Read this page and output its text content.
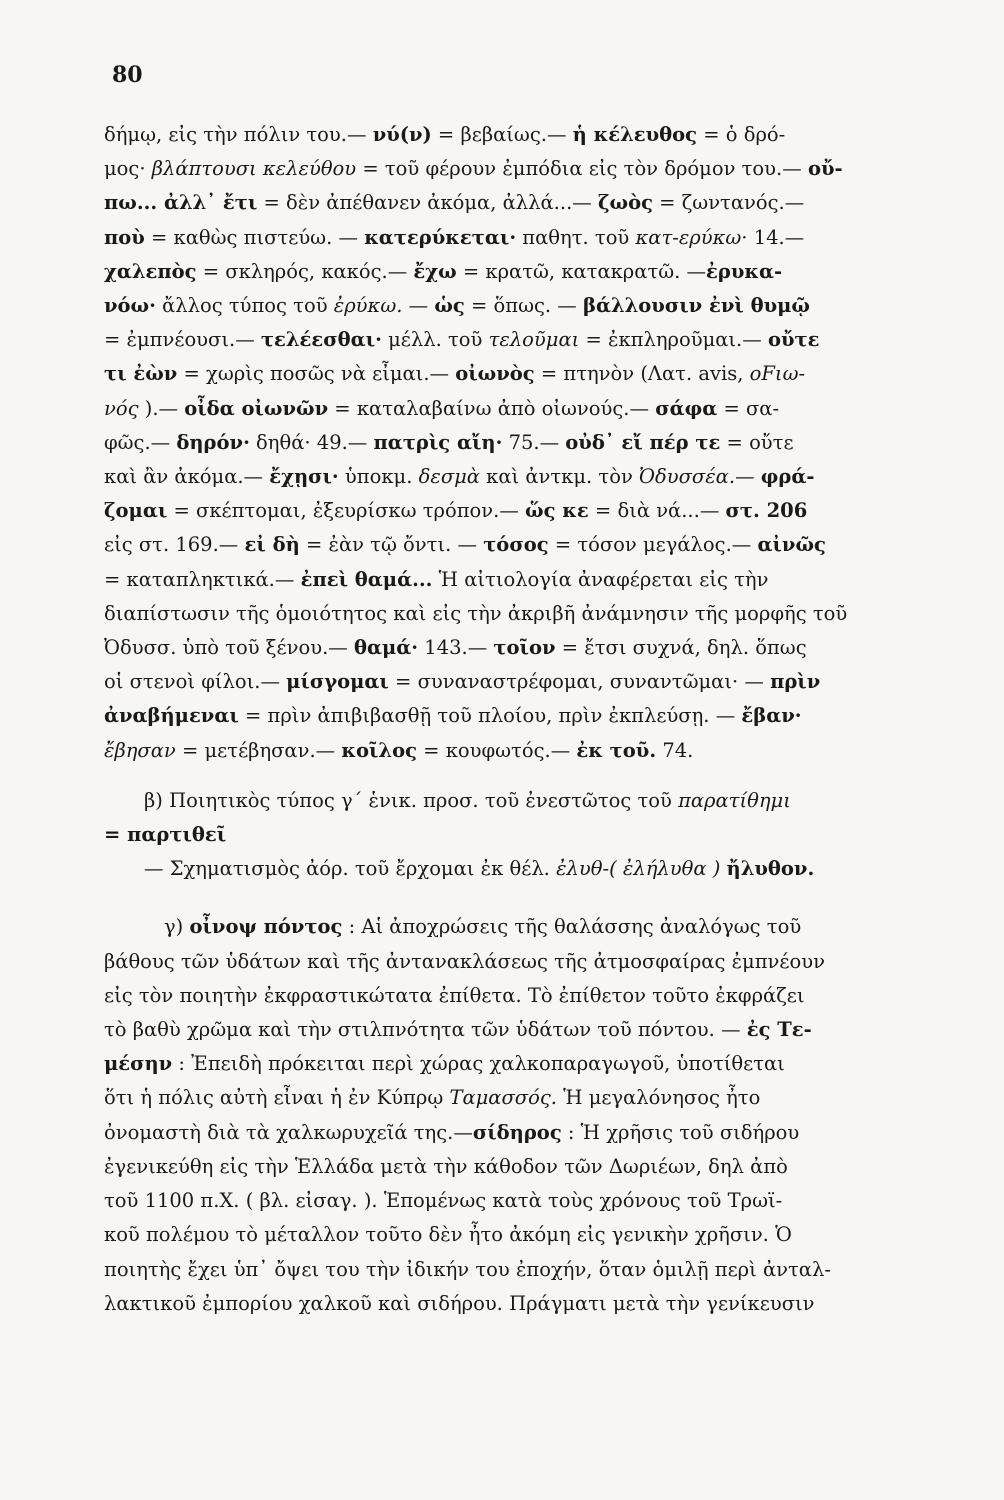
80
δήμῳ, εἰς τὴν πόλιν του.— νύ(ν) = βεβαίως.— ἡ κέλευθος = ὁ δρό-
μος· βλάπτουσι κελεύθου = τοῦ φέρουν ἐμπόδια εἰς τὸν δρόμον του.— οὔ-
πω... ἀλλ᾽ ἔτι = δὲν ἀπέθανεν ἀκόμα, ἀλλά...— ζωὸς = ζωντανός.—
ποὺ = καθὼς πιστεύω. — κατερύκεται· παθητ. τοῦ κατ-ερύκω· 14.—
χαλεπὸς = σκληρός, κακός.— ἔχω = κρατῶ, κατακρατῶ. —ἐρυκα-
νόω· ἄλλος τύπος τοῦ ἐρύκω. — ὡς = ὅπως. — βάλλουσιν ἐνὶ θυμῷ
= ἐμπνέουσι.— τελέεσθαι· μέλλ. τοῦ τελοῦμαι = ἐκπληροῦμαι.— οὔτε
τι ἐὼν = χωρὶς ποσῶς νὰ εἶμαι.— οἰωνὸς = πτηνὸν (Λατ. avis, οFιω-
νός ).— οἶδα οἰωνῶν = καταλαβαίνω ἀπὸ οἰωνούς.— σάφα = σα-
φῶς.— δηρόν· δηθά· 49.— πατρὶς αἴη· 75.— οὐδ᾽ εἴ πέρ τε = οὔτε
καὶ ἂν ἀκόμα.— ἔχῃσι· ὑποκμ. δεσμὰ καὶ ἀντκμ. τὸν Ὀδυσσέα.— φρά-
ζομαι = σκέπτομαι, ἐξευρίσκω τρόπον.— ὥς κε = διὰ νά...— στ. 206
εἰς στ. 169.— εἰ δὴ = ἐὰν τῷ ὄντι. — τόσος = τόσον μεγάλος.— αἰνῶς
= καταπληκτικά.— ἐπεὶ θαμά... Ἡ αἰτιολογία ἀναφέρεται εἰς τὴν
διαπίστωσιν τῆς ὁμοιότητος καὶ εἰς τὴν ἀκριβῆ ἀνάμνησιν τῆς μορφῆς τοῦ
Ὀδυσσ. ὑπὸ τοῦ ξένου.— θαμά· 143.— τοῖον = ἔτσι συχνά, δηλ. ὅπως
οἱ στενοὶ φίλοι.— μίσγομαι = συναναστρέφομαι, συναντῶμαι· — πρὶν
ἀναβήμεναι = πρὶν ἀπιβιβασθῇ τοῦ πλοίου, πρὶν ἐκπλεύσῃ. — ἔβαν·
ἔβησαν = μετέβησαν.— κοῖλος = κουφωτός.— ἐκ τοῦ. 74.
β) Ποιητικὸς τύπος γ΄ ἑνικ. προσ. τοῦ ἐνεστῶτος τοῦ παρατίθημι
= παρτιθεῖ
— Σχηματισμὸς ἀόρ. τοῦ ἔρχομαι ἐκ θέλ. ἐλυθ-( ἐλήλυθα ) ἤλυθον.
γ) οἶνοψ πόντος : Αἱ ἀποχρώσεις τῆς θαλάσσης ἀναλόγως τοῦ
βάθους τῶν ὑδάτων καὶ τῆς ἀντανακλάσεως τῆς ἀτμοσφαίρας ἐμπνέουν
εἰς τὸν ποιητὴν ἐκφραστικώτατα ἐπίθετα. Τὸ ἐπίθετον τοῦτο ἐκφράζει
τὸ βαθὺ χρῶμα καὶ τὴν στιλπνότητα τῶν ὑδάτων τοῦ πόντου. — ἐς Τε-
μέσην : Ἐπειδὴ πρόκειται περὶ χώρας χαλκοπαραγωγοῦ, ὑποτίθεται
ὅτι ἡ πόλις αὐτὴ εἶναι ἡ ἐν Κύπρῳ Ταμασσός. Ἡ μεγαλόνησος ἦτο
ὀνομαστὴ διὰ τὰ χαλκωρυχεῖά της.—σίδηρος : Ἡ χρῆσις τοῦ σιδήρου
ἐγενικεύθη εἰς τὴν Ἑλλάδα μετὰ τὴν κάθοδον τῶν Δωριέων, δηλ ἀπὸ
τοῦ 1100 π.Χ. ( βλ. εἰσαγ. ). Ἑπομένως κατὰ τοὺς χρόνους τοῦ Τρωϊ-
κοῦ πολέμου τὸ μέταλλον τοῦτο δὲν ἦτο ἀκόμη εἰς γενικὴν χρῆσιν. Ὁ
ποιητὴς ἔχει ὑπ᾽ ὄψει του τὴν ἰδικήν του ἐποχήν, ὅταν ὁμιλῇ περὶ ἀνταλ-
λακτικοῦ ἐμπορίου χαλκοῦ καὶ σιδήρου. Πράγματι μετὰ τὴν γενίκευσιν
